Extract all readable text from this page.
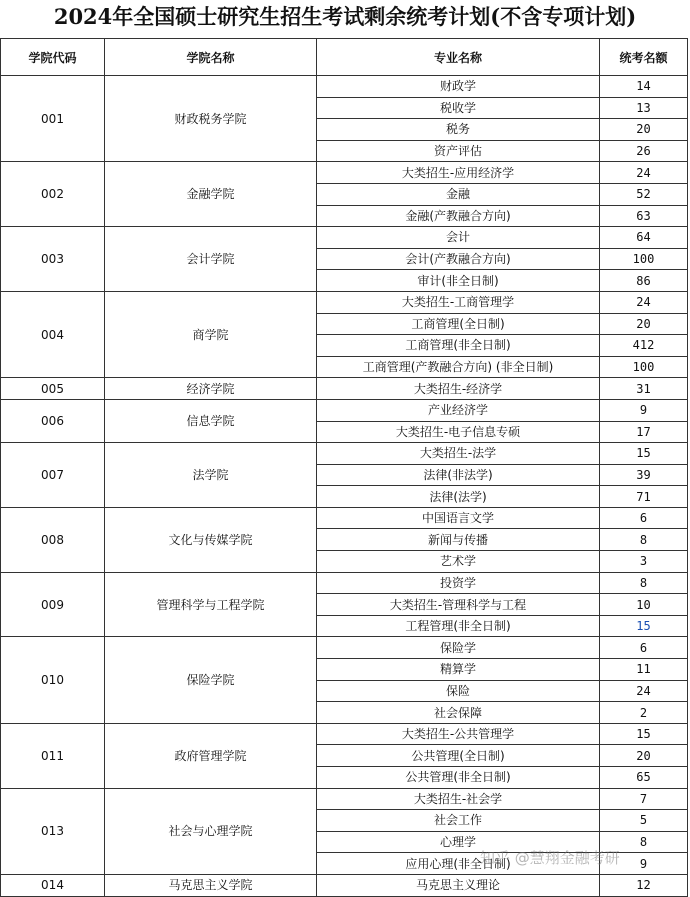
2024年全国硕士研究生招生考试剩余统考计划(不含专项计划)
学院代码	学院名称	专业名称	统考名额
001	财政税务学院	财政学	14
		税收学	13
		税务	20
		资产评估	26
002	金融学院	大类招生-应用经济学	24
		金融	52
		金融(产教融合方向)	63
003	会计学院	会计	64
		会计(产教融合方向)	100
		审计(非全日制)	86
004	商学院	大类招生-工商管理学	24
		工商管理(全日制)	20
		工商管理(非全日制)	412
		工商管理(产教融合方向) (非全日制)	100
005	经济学院	大类招生-经济学	31
006	信息学院	产业经济学	9
		大类招生-电子信息专硕	17
007	法学院	大类招生-法学	15
		法律(非法学)	39
		法律(法学)	71
008	文化与传媒学院	中国语言文学	6
		新闻与传播	8
		艺术学	3
009	管理科学与工程学院	投资学	8
		大类招生-管理科学与工程	10
		工程管理(非全日制)	15
010	保险学院	保险学	6
		精算学	11
		保险	24
		社会保障	2
011	政府管理学院	大类招生-公共管理学	15
		公共管理(全日制)	20
		公共管理(非全日制)	65
013	社会与心理学院	大类招生-社会学	7
		社会工作	5
		心理学	8
		应用心理(非全日制)	9
014	马克思主义学院	马克思主义理论	12
知乎 @慧翔金融考研
